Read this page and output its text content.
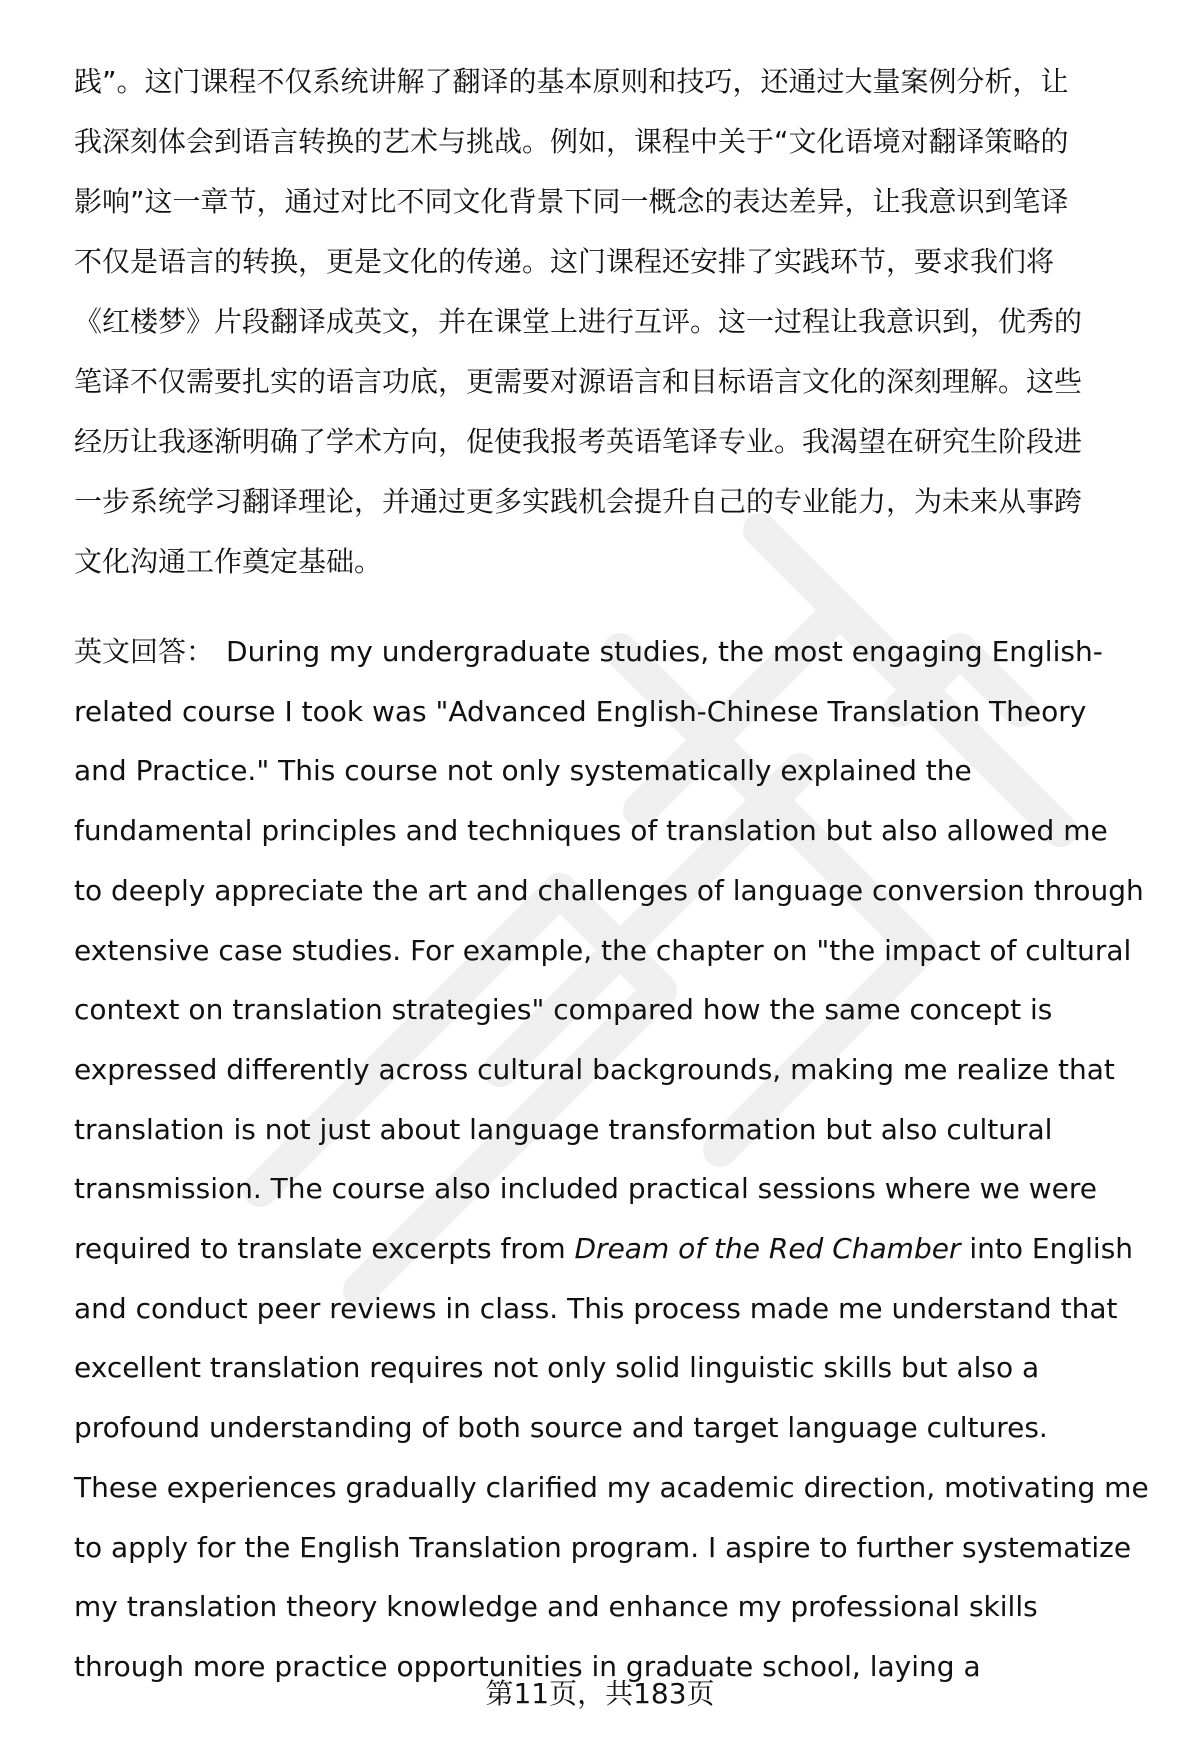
践”。这门课程不仅系统讲解了翻译的基本原则和技巧，还通过大量案例分析，让
我深刻体会到语言转换的艺术与挑战。例如，课程中关于“文化语境对翻译策略的
影响”这一章节，通过对比不同文化背景下同一概念的表达差异，让我意识到笔译
不仅是语言的转换，更是文化的传递。这门课程还安排了实践环节，要求我们将
《红楼梦》片段翻译成英文，并在课堂上进行互评。这一过程让我意识到，优秀的
笔译不仅需要扎实的语言功底，更需要对源语言和目标语言文化的深刻理解。这些
经历让我逐渐明确了学术方向，促使我报考英语笔译专业。我渴望在研究生阶段进
一步系统学习翻译理论，并通过更多实践机会提升自己的专业能力，为未来从事跨
文化沟通工作奠定基础。
英文回答： During my undergraduate studies, the most engaging English-
related course I took was "Advanced English-Chinese Translation Theory
and Practice." This course not only systematically explained the
fundamental principles and techniques of translation but also allowed me
to deeply appreciate the art and challenges of language conversion through
extensive case studies. For example, the chapter on "the impact of cultural
context on translation strategies" compared how the same concept is
expressed differently across cultural backgrounds, making me realize that
translation is not just about language transformation but also cultural
transmission. The course also included practical sessions where we were
required to translate excerpts from Dream of the Red Chamber into English
and conduct peer reviews in class. This process made me understand that
excellent translation requires not only solid linguistic skills but also a
profound understanding of both source and target language cultures.
These experiences gradually clarified my academic direction, motivating me
to apply for the English Translation program. I aspire to further systematize
my translation theory knowledge and enhance my professional skills
through more practice opportunities in graduate school, laying a
第11页，共183页
